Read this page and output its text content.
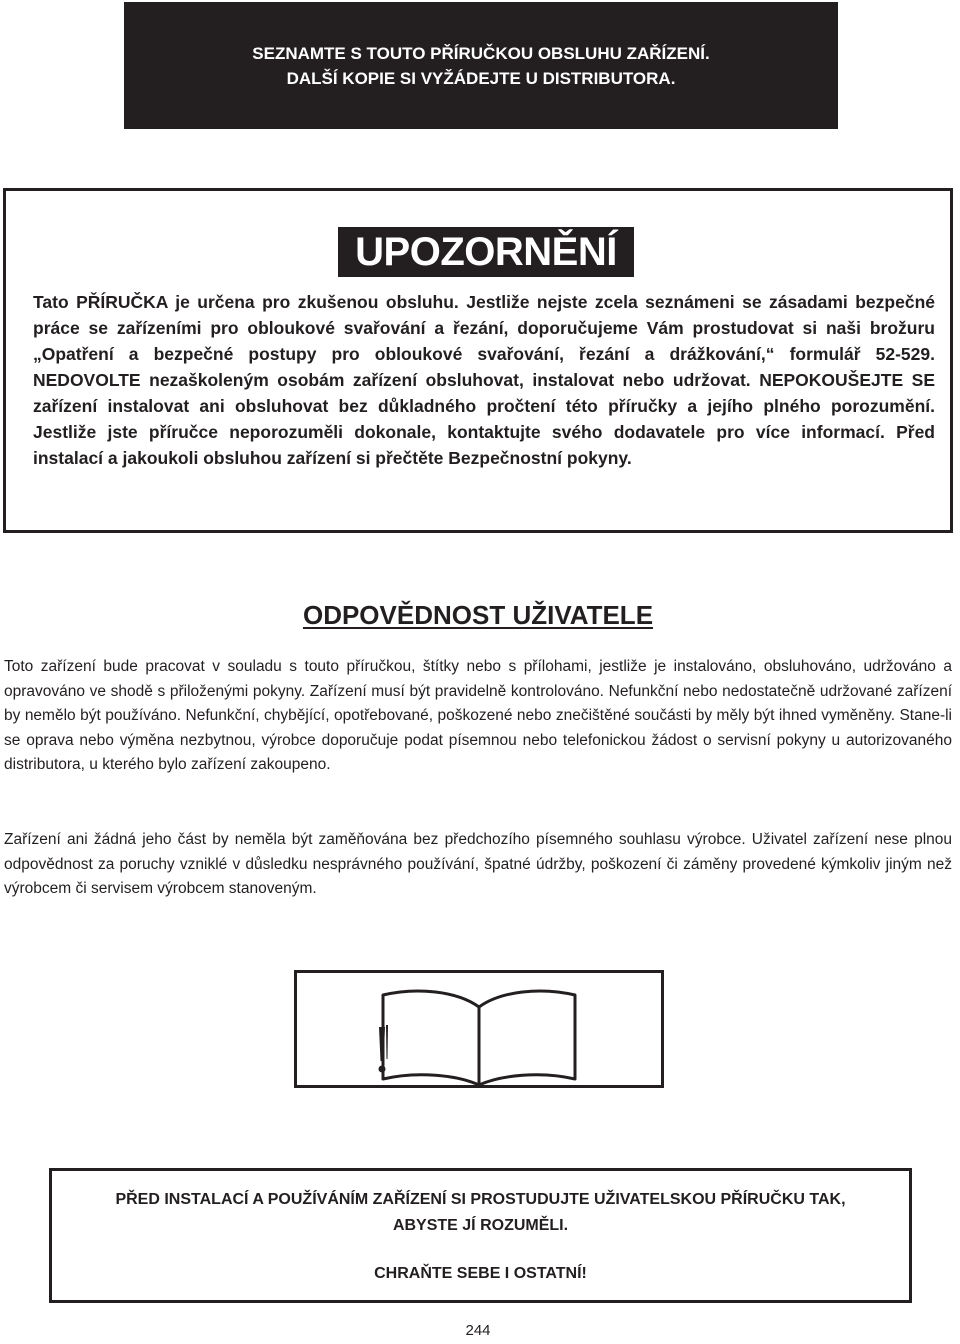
SEZNAMTE S TOUTO PŘÍRUČKOU OBSLUHU ZAŘÍZENÍ.
DALŠÍ KOPIE SI VYŽÁDEJTE U DISTRIBUTORA.
UPOZORNĚNÍ

Tato PŘÍRUČKA je určena pro zkušenou obsluhu. Jestliže nejste zcela seznámeni se zásadami bezpečné práce se zařízeními pro obloukové svařování a řezání, doporučujeme Vám prostudovat si naši brožuru „Opatření a bezpečné postupy pro obloukové svařování, řezání a drážkování,“ formulář 52-529. NEDOVOLTE nezaškoleným osobám zařízení obsluhovat, instalovat nebo udržovat. NEPOKOUŠEJTE SE zařízení instalovat ani obsluhovat bez důkladného pročtení této příručky a jejího plného porozumění. Jestliže jste příručce neporozuměli dokonale, kontaktujte svého dodavatele pro více informací. Před instalací a jakoukoli obsluhou zařízení si přečtěte Bezpečnostní pokyny.

ODPOVĚDNOST UŽIVATELE

Toto zařízení bude pracovat v souladu s touto příručkou, štítky nebo s přílohami, jestliže je instalováno, obsluhováno, udržováno a opravováno ve shodě s přiloženými pokyny. Zařízení musí být pravidelně kontrolováno. Nefunkční nebo nedostatečně udržované zařízení by nemělo být používáno. Nefunkční, chybějící, opotřebované, poškozené nebo znečištěné součásti by měly být ihned vyměněny. Stane-li se oprava nebo výměna nezbytnou, výrobce doporučuje podat písemnou nebo telefonickou žádost o servisní pokyny u autorizovaného distributora, u kterého bylo zařízení zakoupeno.

Zařízení ani žádná jeho část by neměla být zaměňována bez předchozího písemného souhlasu výrobce. Uživatel zařízení nese plnou odpovědnost za poruchy vzniklé v důsledku nesprávného používání, špatné údržby, poškození či záměny provedené kýmkoliv jiným než výrobcem či servisem výrobcem stanoveným.

PŘED INSTALACÍ A POUŽÍVÁNÍM ZAŘÍZENÍ SI PROSTUDUJTE UŽIVATELSKOU PŘÍRUČKU TAK,
ABYSTE JÍ ROZUMĚLI.
CHRAŇTE SEBE I OSTATNÍ!
244
